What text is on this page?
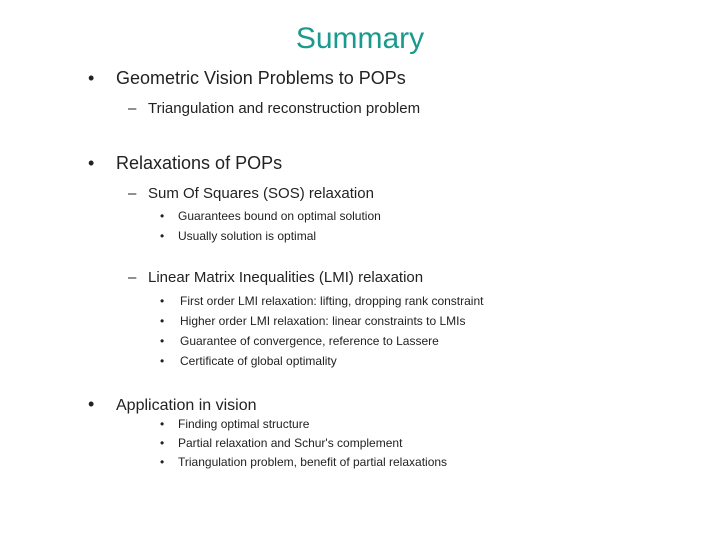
Summary
• Geometric Vision Problems to POPs
– Triangulation and reconstruction problem
• Relaxations of POPs
– Sum Of Squares (SOS) relaxation
• Guarantees bound on optimal solution
• Usually solution is optimal
– Linear Matrix Inequalities (LMI) relaxation
• First order LMI relaxation: lifting, dropping rank constraint
• Higher order LMI relaxation: linear constraints to LMIs
• Guarantee of convergence, reference to Lassere
• Certificate of global optimality
• Application in vision
• Finding optimal structure
• Partial relaxation and Schur's complement
• Triangulation problem, benefit of partial relaxations
